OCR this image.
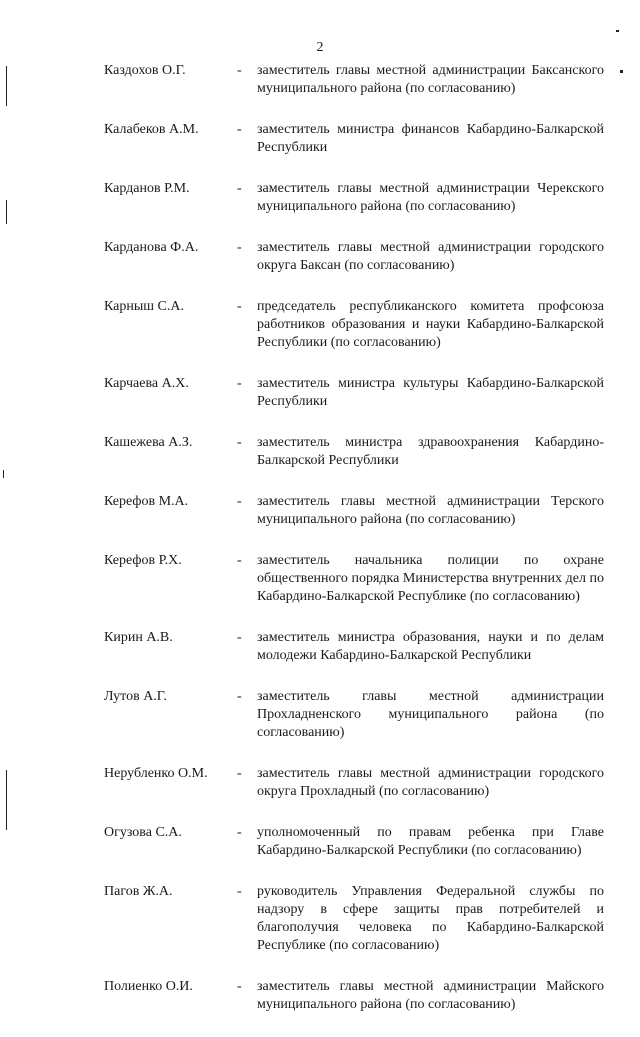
2
Каздохов О.Г.	-	заместитель главы местной администрации Баксанского муниципального района (по согласованию)
Калабеков А.М.	-	заместитель министра финансов Кабардино-Балкарской Республики
Карданов Р.М.	-	заместитель главы местной администрации Черекского муниципального района (по согласованию)
Карданова Ф.А.	-	заместитель главы местной администрации городского округа Баксан (по согласованию)
Карныш С.А.	-	председатель республиканского комитета профсоюза работников образования и науки Кабардино-Балкарской Республики (по согласованию)
Карчаева А.Х.	-	заместитель министра культуры Кабардино-Балкарской Республики
Кашежева А.З.	-	заместитель министра здравоохранения Кабардино-Балкарской Республики
Керефов М.А.	-	заместитель главы местной администрации Терского муниципального района (по согласованию)
Керефов Р.Х.	-	заместитель начальника полиции по охране общественного порядка Министерства внутренних дел по Кабардино-Балкарской Республике (по согласованию)
Кирин А.В.	-	заместитель министра образования, науки и по делам молодежи Кабардино-Балкарской Республики
Лутов А.Г.	-	заместитель главы местной администрации Прохладненского муниципального района (по согласованию)
Нерубленко О.М.	-	заместитель главы местной администрации городского округа Прохладный (по согласованию)
Огузова С.А.	-	уполномоченный по правам ребенка при Главе Кабардино-Балкарской Республики (по согласованию)
Пагов Ж.А.	-	руководитель Управления Федеральной службы по надзору в сфере защиты прав потребителей и благополучия человека по Кабардино-Балкарской Республике (по согласованию)
Полиенко О.И.	-	заместитель главы местной администрации Майского муниципального района (по согласованию)
